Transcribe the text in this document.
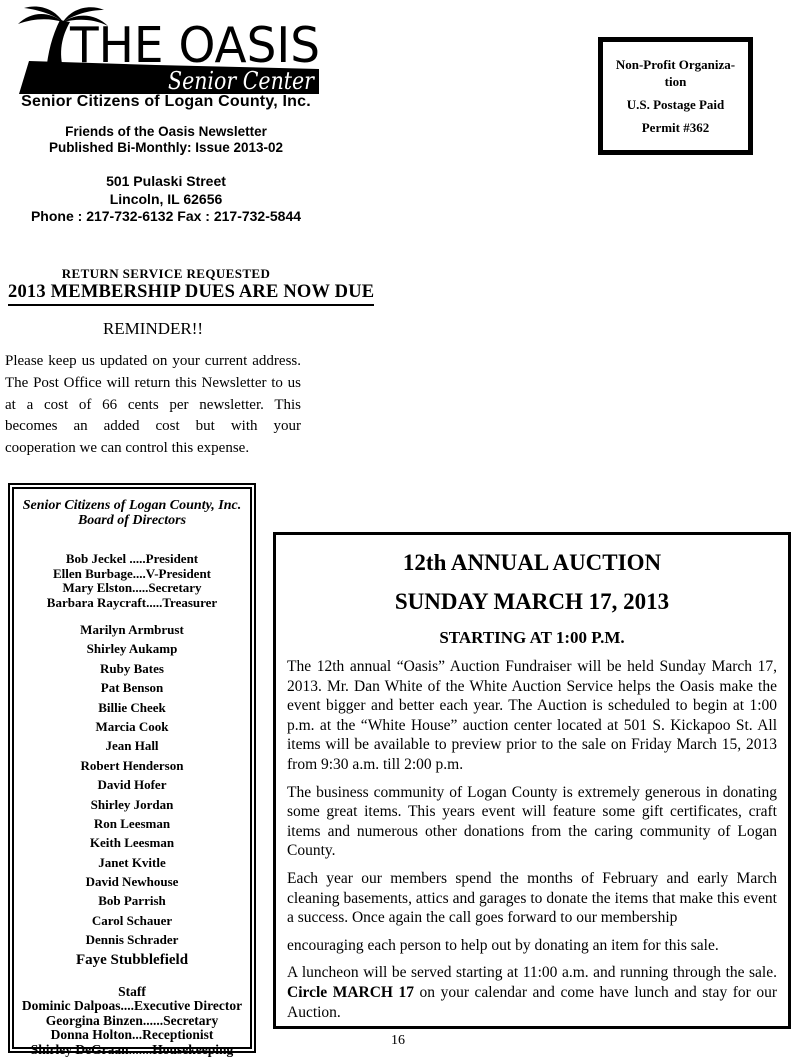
THE OASIS
Senior Center
Senior Citizens of Logan County, Inc.
Friends of the Oasis Newsletter
Published Bi-Monthly: Issue 2013-02
501 Pulaski Street
Lincoln, IL 62656
Phone : 217-732-6132 Fax : 217-732-5844
RETURN SERVICE REQUESTED
Non-Profit Organiza-
tion
U.S. Postage Paid
Permit #362
2013 MEMBERSHIP DUES ARE NOW DUE
REMINDER!!
Please keep us updated on your current address. The Post Office will return this Newsletter to us at a cost of 66 cents per newsletter. This becomes an added cost but with your cooperation we can control this expense.
Senior Citizens of Logan County, Inc.
Board of Directors
Bob Jeckel .....President
Ellen Burbage....V-President
Mary Elston.....Secretary
Barbara Raycraft.....Treasurer
Marilyn Armbrust
Shirley Aukamp
Ruby Bates
Pat Benson
Billie Cheek
Marcia Cook
Jean Hall
Robert Henderson
David Hofer
Shirley Jordan
Ron Leesman
Keith Leesman
Janet Kvitle
David Newhouse
Bob Parrish
Carol Schauer
Dennis Schrader
Faye Stubblefield
Staff
Dominic Dalpoas....Executive Director
Georgina Binzen......Secretary
Donna Holton...Receptionist
Shirley DeGraan.......Housekeeping
12th ANNUAL AUCTION
SUNDAY MARCH 17, 2013
STARTING AT 1:00 P.M.

The 12th annual “Oasis” Auction Fundraiser will be held Sunday March 17, 2013. Mr. Dan White of the White Auction Service helps the Oasis make the event bigger and better each year. The Auction is scheduled to begin at 1:00 p.m. at the “White House” auction center located at 501 S. Kickapoo St. All items will be available to preview prior to the sale on Friday March 15, 2013 from 9:30 a.m. till 2:00 p.m.

The business community of Logan County is extremely generous in donating some great items. This years event will feature some gift certificates, craft items and numerous other donations from the caring community of Logan County.

Each year our members spend the months of February and early March cleaning basements, attics and garages to donate the items that make this event a success. Once again the call goes forward to our membership

encouraging each person to help out by donating an item for this sale.

A luncheon will be served starting at 11:00 a.m. and running through the sale. Circle MARCH 17 on your calendar and come have lunch and stay for our Auction.

16
